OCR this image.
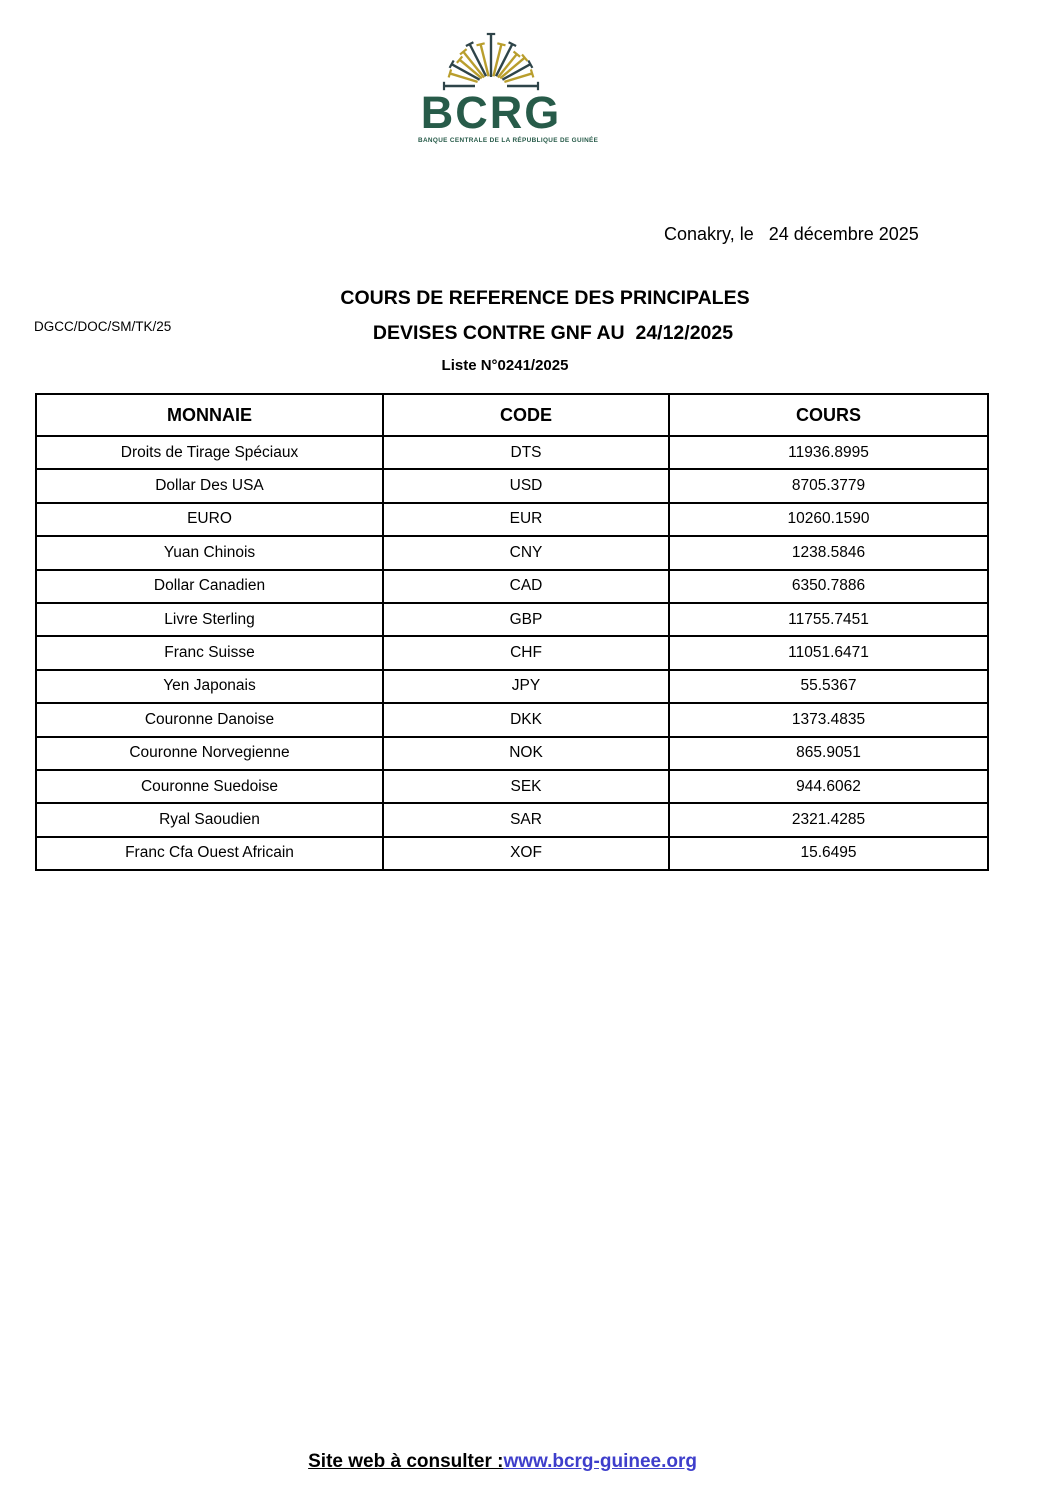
BCRG
BANQUE CENTRALE DE LA RÉPUBLIQUE DE GUINÉE
Conakry, le   24 décembre 2025
DGCC/DOC/SM/TK/25
COURS DE REFERENCE DES PRINCIPALES
DEVISES CONTRE GNF AU  24/12/2025
Liste N°0241/2025
MONNAIE	CODE	COURS
Droits de Tirage Spéciaux	DTS	11936.8995
Dollar Des USA	USD	8705.3779
EURO	EUR	10260.1590
Yuan Chinois	CNY	1238.5846
Dollar Canadien	CAD	6350.7886
Livre Sterling	GBP	11755.7451
Franc Suisse	CHF	11051.6471
Yen Japonais	JPY	55.5367
Couronne Danoise	DKK	1373.4835
Couronne Norvegienne	NOK	865.9051
Couronne Suedoise	SEK	944.6062
Ryal Saoudien	SAR	2321.4285
Franc Cfa Ouest Africain	XOF	15.6495

Site web à consulter :www.bcrg-guinee.org
